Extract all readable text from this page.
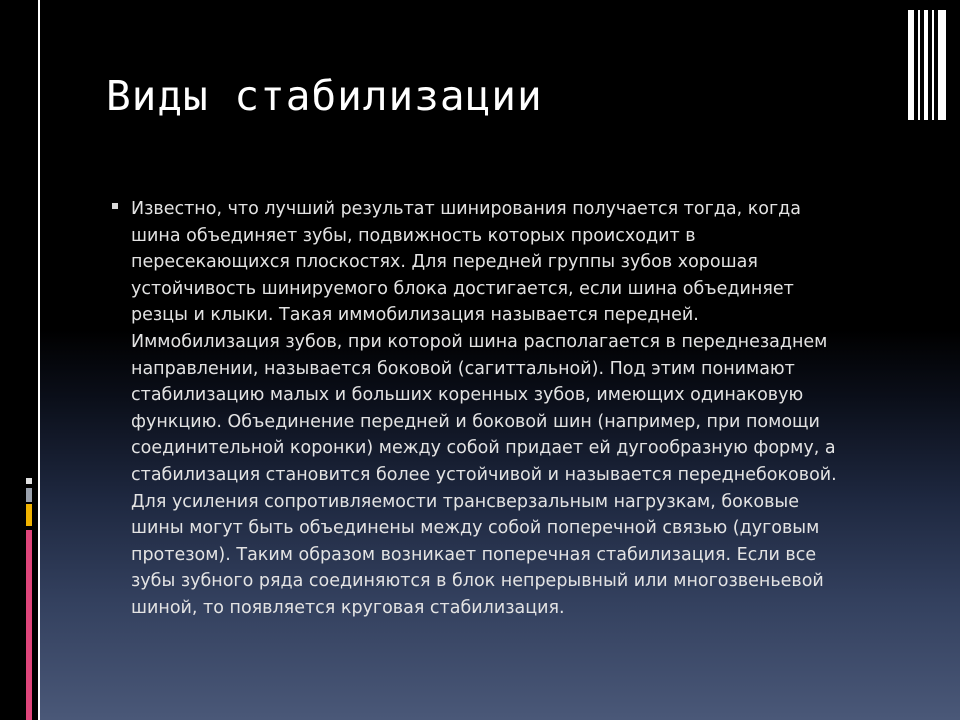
Виды стабилизации
Известно, что лучший результат шинирования получается тогда, когда
шина объединяет зубы, подвижность которых происходит в
пересекающихся плоскостях. Для передней группы зубов хорошая
устойчивость шинируемого блока достигается, если шина объединяет
резцы и клыки. Такая иммобилизация называется передней.
Иммобилизация зубов, при которой шина располагается в переднезаднем
направлении, называется боковой (сагиттальной). Под этим понимают
стабилизацию малых и больших коренных зубов, имеющих одинаковую
функцию. Объединение передней и боковой шин (например, при помощи
соединительной коронки) между собой придает ей дугообразную форму, а
стабилизация становится более устойчивой и называется переднебоковой.
Для усиления сопротивляемости трансверзальным нагрузкам, боковые
шины могут быть объединены между собой поперечной связью (дуговым
протезом). Таким образом возникает поперечная стабилизация. Если все
зубы зубного ряда соединяются в блок непрерывный или многозвеньевой
шиной, то появляется круговая стабилизация.
